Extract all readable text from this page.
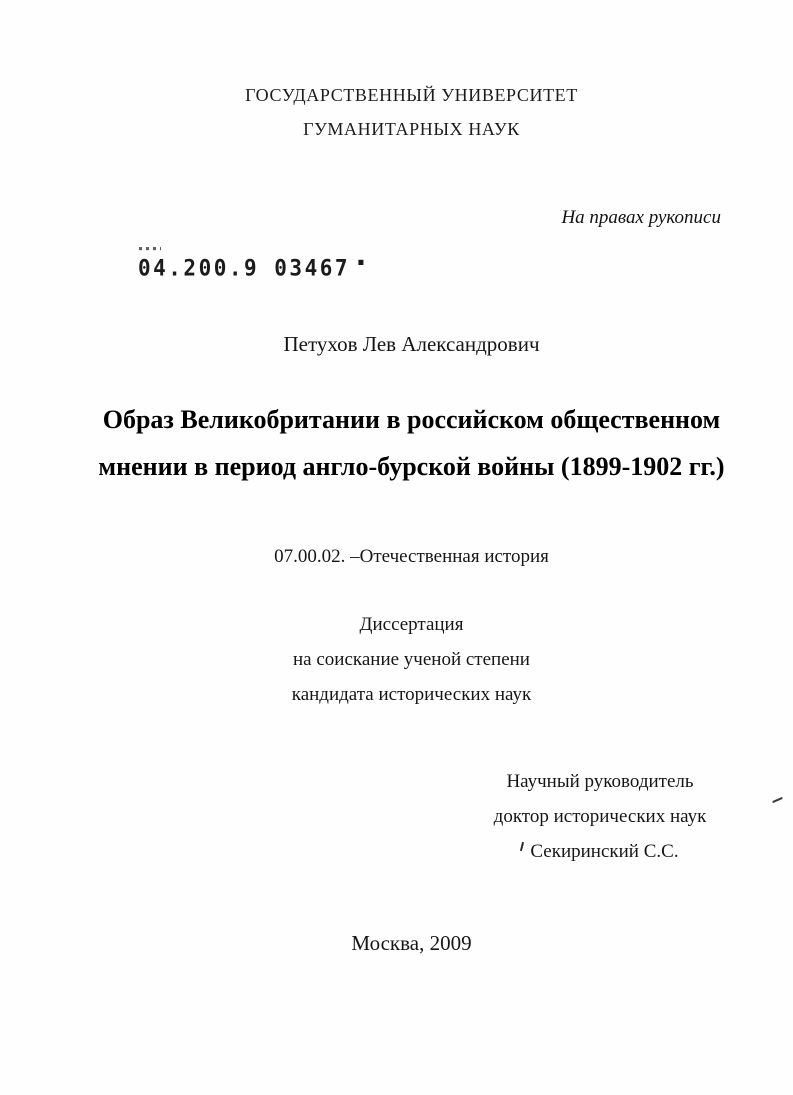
ГОСУДАРСТВЕННЫЙ УНИВЕРСИТЕТ
ГУМАНИТАРНЫХ НАУК
На правах рукописи
04.200.9 03467 ▪
Петухов Лев Александрович
Образ Великобритании в российском общественном
мнении в период англо-бурской войны (1899-1902 гг.)
07.00.02. –Отечественная история
Диссертация
на соискание ученой степени
кандидата исторических наук
Научный руководитель
доктор исторических наук
Секиринский С.С.
Москва, 2009
